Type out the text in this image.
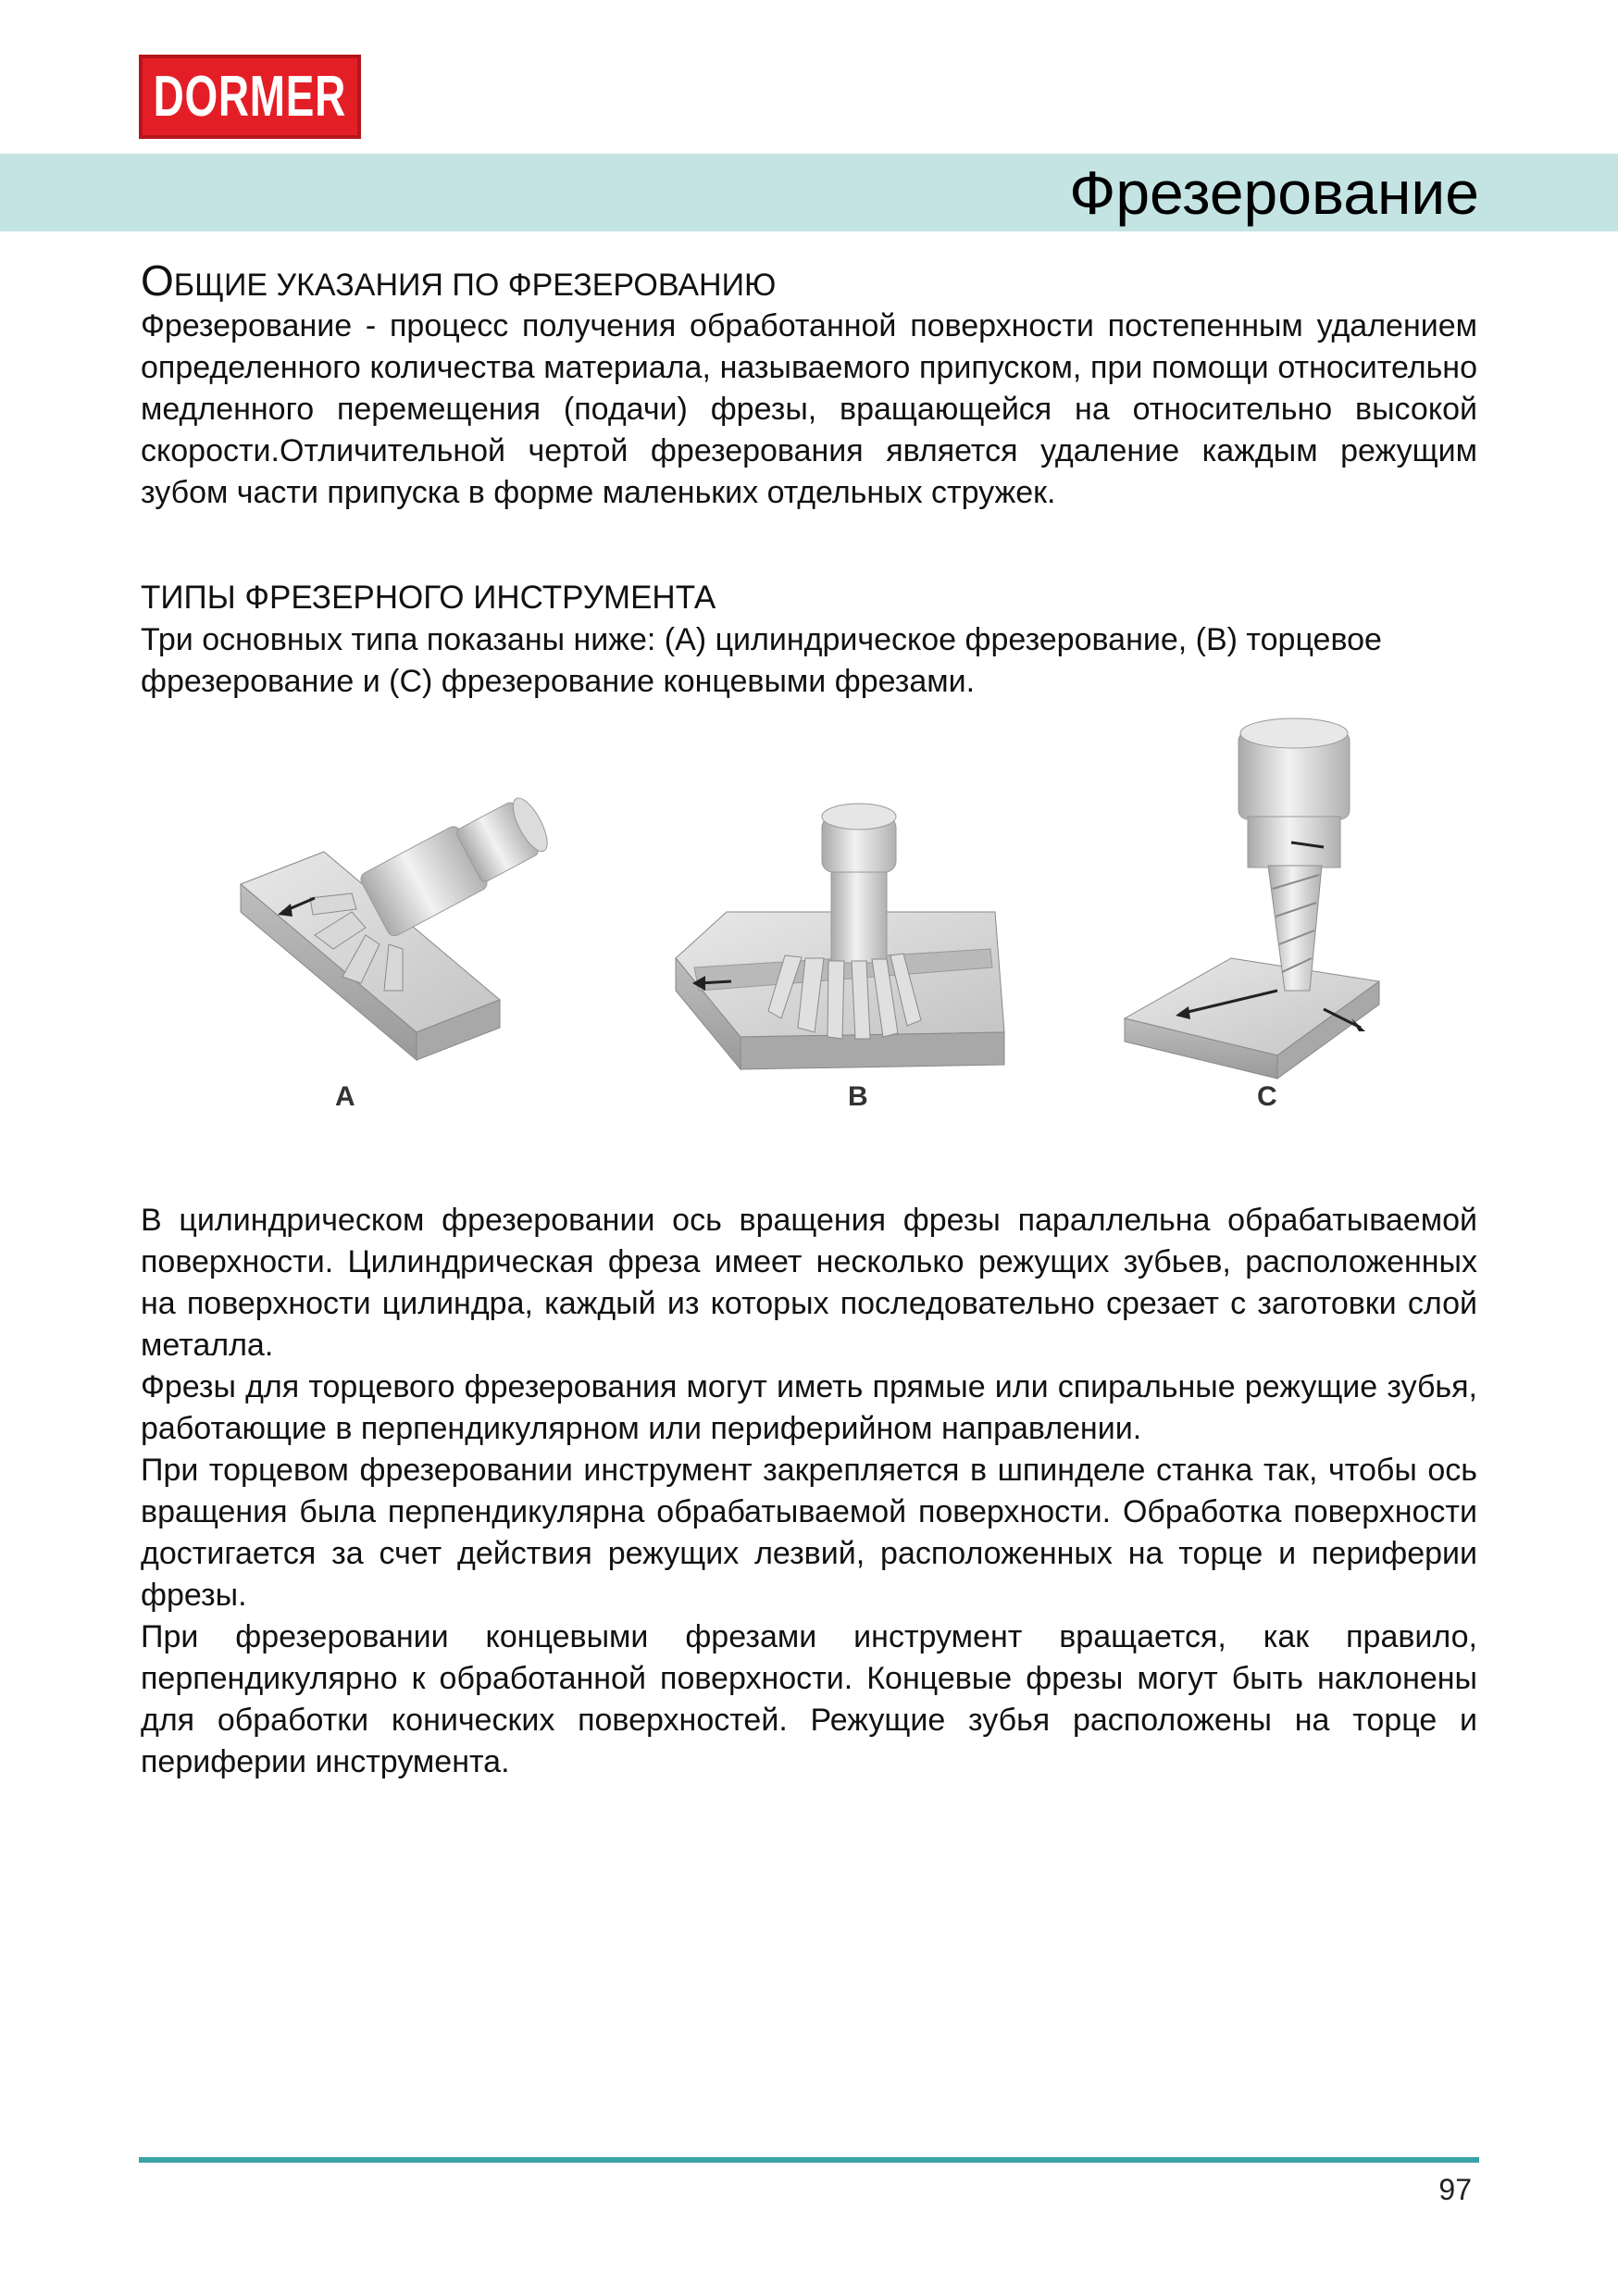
DORMER
Фрезерование
ОБЩИЕ УКАЗАНИЯ ПО ФРЕЗЕРОВАНИЮ

Фрезерование - процесс получения обработанной поверхности постепенным удалением определенного количества материала, называемого припуском, при помощи относительно медленного перемещения (подачи) фрезы, вращающейся на относительно высокой скорости.Отличительной чертой фрезерования является удаление каждым режущим зубом части припуска в форме маленьких отдельных стружек.

ТИПЫ ФРЕЗЕРНОГО ИНСТРУМЕНТА

Три основных типа показаны ниже: (А) цилиндрическое фрезерование, (В) торцевое фрезерование и (С) фрезерование концевыми фрезами.

A	B	C

В цилиндрическом фрезеровании ось вращения фрезы параллельна обрабатываемой поверхности. Цилиндрическая фреза имеет несколько режущих зубьев, расположенных на поверхности цилиндра, каждый из которых последовательно срезает с заготовки слой металла.

Фрезы для торцевого фрезерования могут иметь прямые или спиральные режущие зубья, работающие в перпендикулярном или периферийном направлении.

При торцевом фрезеровании инструмент закрепляется в шпинделе станка так, чтобы ось вращения была перпендикулярна обрабатываемой поверхности. Обработка поверхности достигается за счет действия режущих лезвий, расположенных на торце и периферии фрезы.

При фрезеровании концевыми фрезами инструмент вращается, как правило, перпендикулярно к обработанной поверхности. Концевые фрезы могут быть наклонены для обработки конических поверхностей. Режущие зубья расположены на торце и периферии инструмента.

97
